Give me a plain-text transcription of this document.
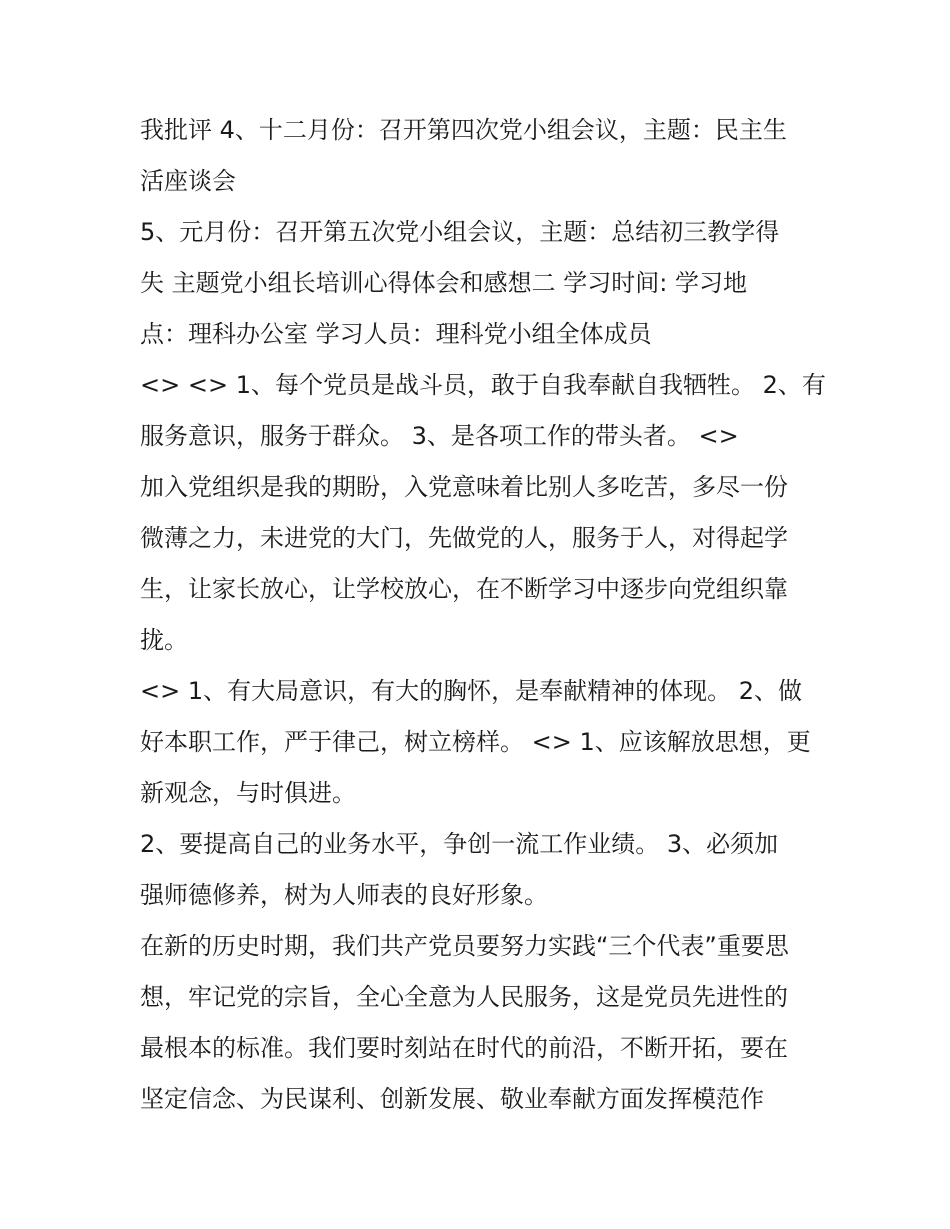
我批评 4、十二月份：召开第四次党小组会议，主题：民主生
活座谈会
5、元月份：召开第五次党小组会议，主题：总结初三教学得
失 主题党小组长培训心得体会和感想二 学习时间: 学习地
点：理科办公室 学习人员：理科党小组全体成员
<> <> 1、每个党员是战斗员，敢于自我奉献自我牺牲。 2、有
服务意识，服务于群众。 3、是各项工作的带头者。 <>
加入党组织是我的期盼，入党意味着比别人多吃苦，多尽一份
微薄之力，未进党的大门，先做党的人，服务于人，对得起学
生，让家长放心，让学校放心，在不断学习中逐步向党组织靠
拢。
<> 1、有大局意识，有大的胸怀，是奉献精神的体现。 2、做
好本职工作，严于律己，树立榜样。 <> 1、应该解放思想，更
新观念，与时俱进。
2、要提高自己的业务水平，争创一流工作业绩。 3、必须加
强师德修养，树为人师表的良好形象。
在新的历史时期，我们共产党员要努力实践“三个代表”重要思
想，牢记党的宗旨，全心全意为人民服务，这是党员先进性的
最根本的标准。我们要时刻站在时代的前沿，不断开拓，要在
坚定信念、为民谋利、创新发展、敬业奉献方面发挥模范作
